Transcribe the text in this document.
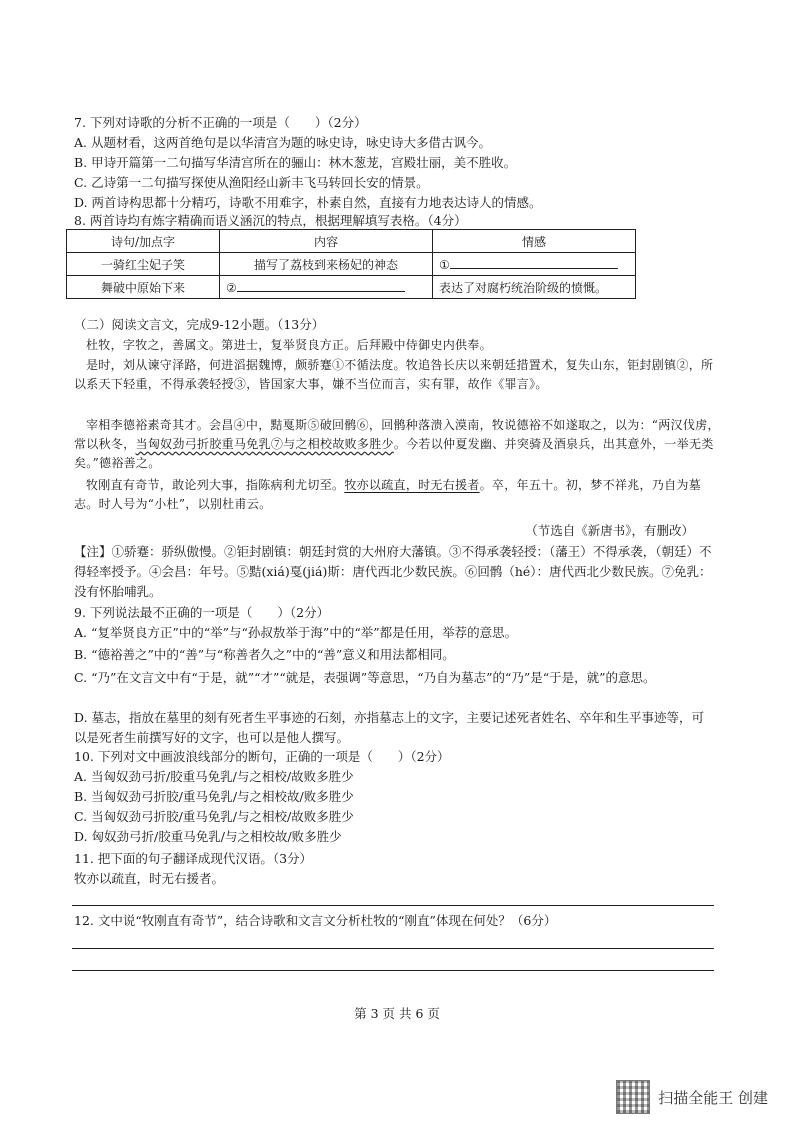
7. 下列对诗歌的分析不正确的一项是（　　）（2分）
A. 从题材看，这两首绝句是以华清宫为题的咏史诗，咏史诗大多借古讽今。
B. 甲诗开篇第一二句描写华清宫所在的骊山：林木葱茏，宫殿壮丽，美不胜收。
C. 乙诗第一二句描写探使从渔阳经山新丰飞马转回长安的情景。
D. 两首诗构思都十分精巧，诗歌不用难字，朴素自然，直接有力地表达诗人的情感。
8. 两首诗均有炼字精确而语义涵沉的特点，根据理解填写表格。（4分）
诗句/加点字	内容	情感
一骑红尘妃子笑	描写了荔枝到来杨妃的神态	①
舞破中原始下来	②	表达了对腐朽统治阶级的愤慨。
（二）阅读文言文，完成9-12小题。（13分）
杜牧，字牧之，善属文。第进士，复举贤良方正。后拜殿中侍御史内供奉。
是时，刘从谏守泽路，何进滔据魏博，颇骄蹇①不循法度。牧追咎长庆以来朝廷措置术，复失山东，钜封剧镇②，所以系天下轻重，不得承袭轻授③，皆国家大事，嫌不当位而言，实有罪，故作《罪言》。
宰相李德裕素奇其才。会昌④中，黠戛斯⑤破回鹘⑥，回鹘种落溃入漠南，牧说德裕不如遂取之，以为：“两汉伐虏，常以秋冬，当匈奴劲弓折胶重马免乳⑦与之相校故败多胜少。今若以仲夏发幽、并突骑及酒泉兵，出其意外，一举无类矣。”德裕善之。
牧刚直有奇节，敢论列大事，指陈病利尤切至。牧亦以疏直，时无右援者。卒，年五十。初，梦不祥兆，乃自为墓志。时人号为“小杜”，以别杜甫云。
（节选自《新唐书》，有删改）
【注】①骄蹇：骄纵傲慢。②钜封剧镇：朝廷封赏的大州府大藩镇。③不得承袭轻授：（藩王）不得承袭，（朝廷）不得轻率授予。④会昌：年号。⑤黠(xiá)戛(jiá)斯：唐代西北少数民族。⑥回鹘（hé）：唐代西北少数民族。⑦免乳：没有怀胎哺乳。
9. 下列说法最不正确的一项是（　　）（2分）
A. “复举贤良方正”中的“举”与“孙叔敖举于海”中的“举”都是任用，举荐的意思。
B. “德裕善之”中的“善”与“称善者久之”中的“善”意义和用法都相同。
C. “乃”在文言文中有“于是，就”“才”“就是，表强调”等意思，“乃自为墓志”的“乃”是“于是，就”的意思。
D. 墓志，指放在墓里的刻有死者生平事迹的石刻，亦指墓志上的文字，主要记述死者姓名、卒年和生平事迹等，可以是死者生前撰写好的文字，也可以是他人撰写。
10. 下列对文中画波浪线部分的断句，正确的一项是（　　）（2分）
A. 当匈奴劲弓折/胶重马免乳/与之相校/故败多胜少
B. 当匈奴劲弓折胶/重马免乳/与之相校故/败多胜少
C. 当匈奴劲弓折胶/重马免乳/与之相校/故败多胜少
D. 匈奴劲弓折/胶重马免乳/与之相校故/败多胜少
11. 把下面的句子翻译成现代汉语。（3分）
牧亦以疏直，时无右援者。
12. 文中说“牧刚直有奇节”，结合诗歌和文言文分析杜牧的“刚直”体现在何处？（6分）
第 3 页 共 6 页
扫描全能王 创建
